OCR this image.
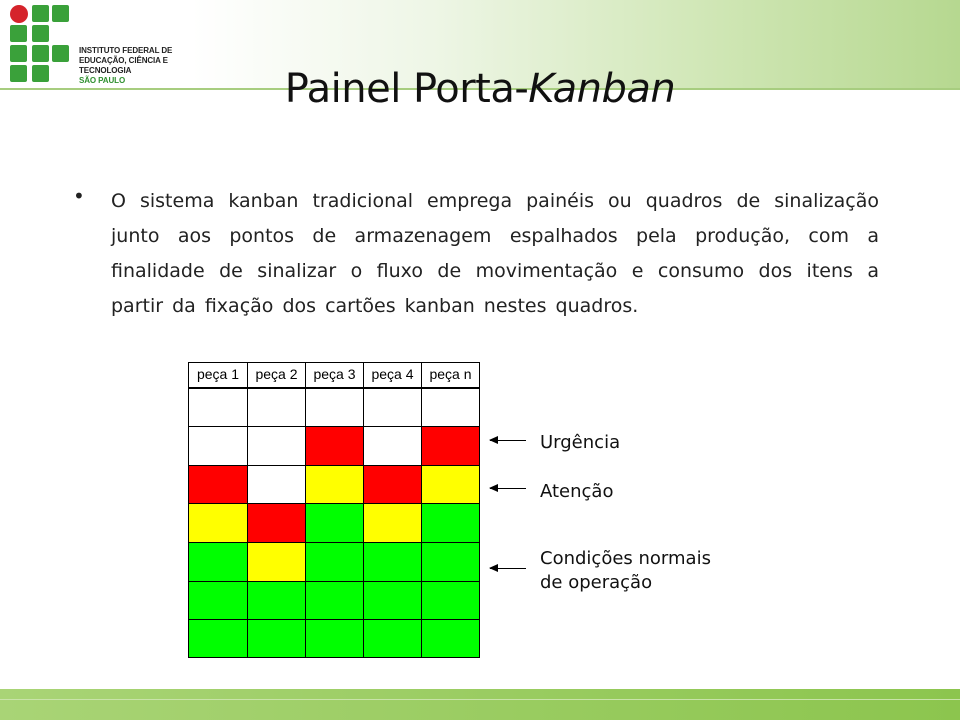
INSTITUTO FEDERAL DE
EDUCAÇÃO, CIÊNCIA E TECNOLOGIA
SÃO PAULO	Painel Porta-Kanban
• O sistema kanban tradicional emprega painéis ou quadros de sinalização junto aos pontos de armazenagem espalhados pela produção, com a finalidade de sinalizar o fluxo de movimentação e consumo dos itens a partir da fixação dos cartões kanban nestes quadros.
peça 1	peça 2	peça 3	peça 4	peça n
Urgência
Atenção
Condições normais
de operação
